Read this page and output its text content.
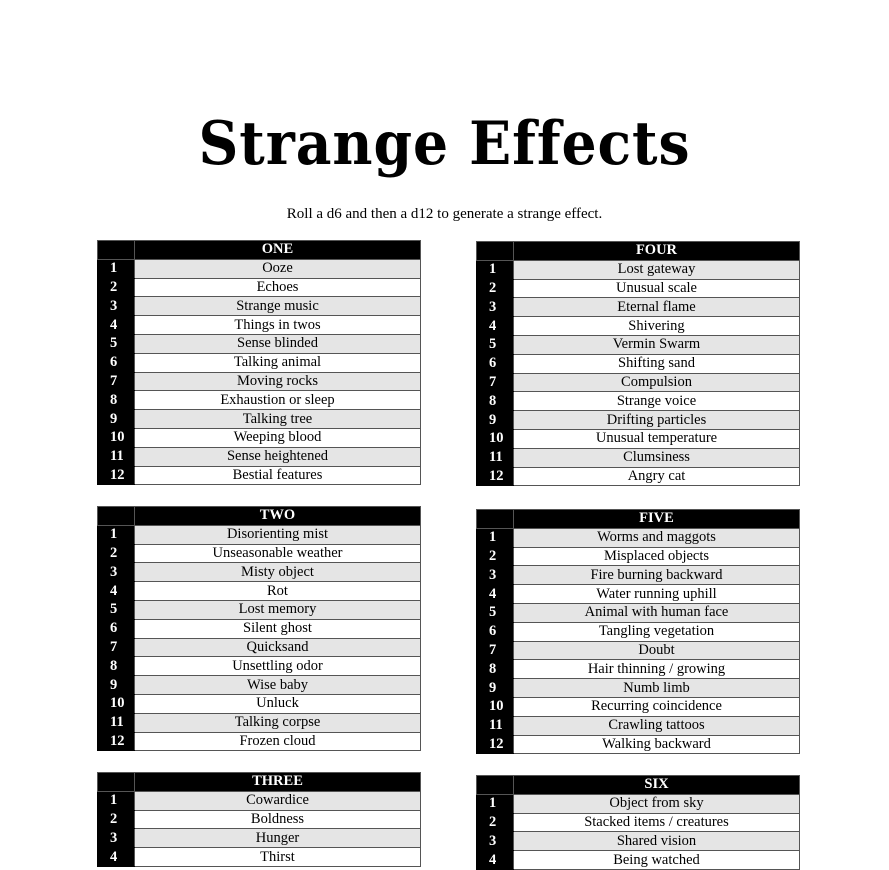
Strange Effects

Roll a d6 and then a d12 to generate a strange effect.

	ONE
1	Ooze
2	Echoes
3	Strange music
4	Things in twos
5	Sense blinded
6	Talking animal
7	Moving rocks
8	Exhaustion or sleep
9	Talking tree
10	Weeping blood
11	Sense heightened
12	Bestial features
	TWO
1	Disorienting mist
2	Unseasonable weather
3	Misty object
4	Rot
5	Lost memory
6	Silent ghost
7	Quicksand
8	Unsettling odor
9	Wise baby
10	Unluck
11	Talking corpse
12	Frozen cloud
	THREE
1	Cowardice
2	Boldness
3	Hunger
4	Thirst
	FOUR
1	Lost gateway
2	Unusual scale
3	Eternal flame
4	Shivering
5	Vermin Swarm
6	Shifting sand
7	Compulsion
8	Strange voice
9	Drifting particles
10	Unusual temperature
11	Clumsiness
12	Angry cat
	FIVE
1	Worms and maggots
2	Misplaced objects
3	Fire burning backward
4	Water running uphill
5	Animal with human face
6	Tangling vegetation
7	Doubt
8	Hair thinning / growing
9	Numb limb
10	Recurring coincidence
11	Crawling tattoos
12	Walking backward
	SIX
1	Object from sky
2	Stacked items / creatures
3	Shared vision
4	Being watched
